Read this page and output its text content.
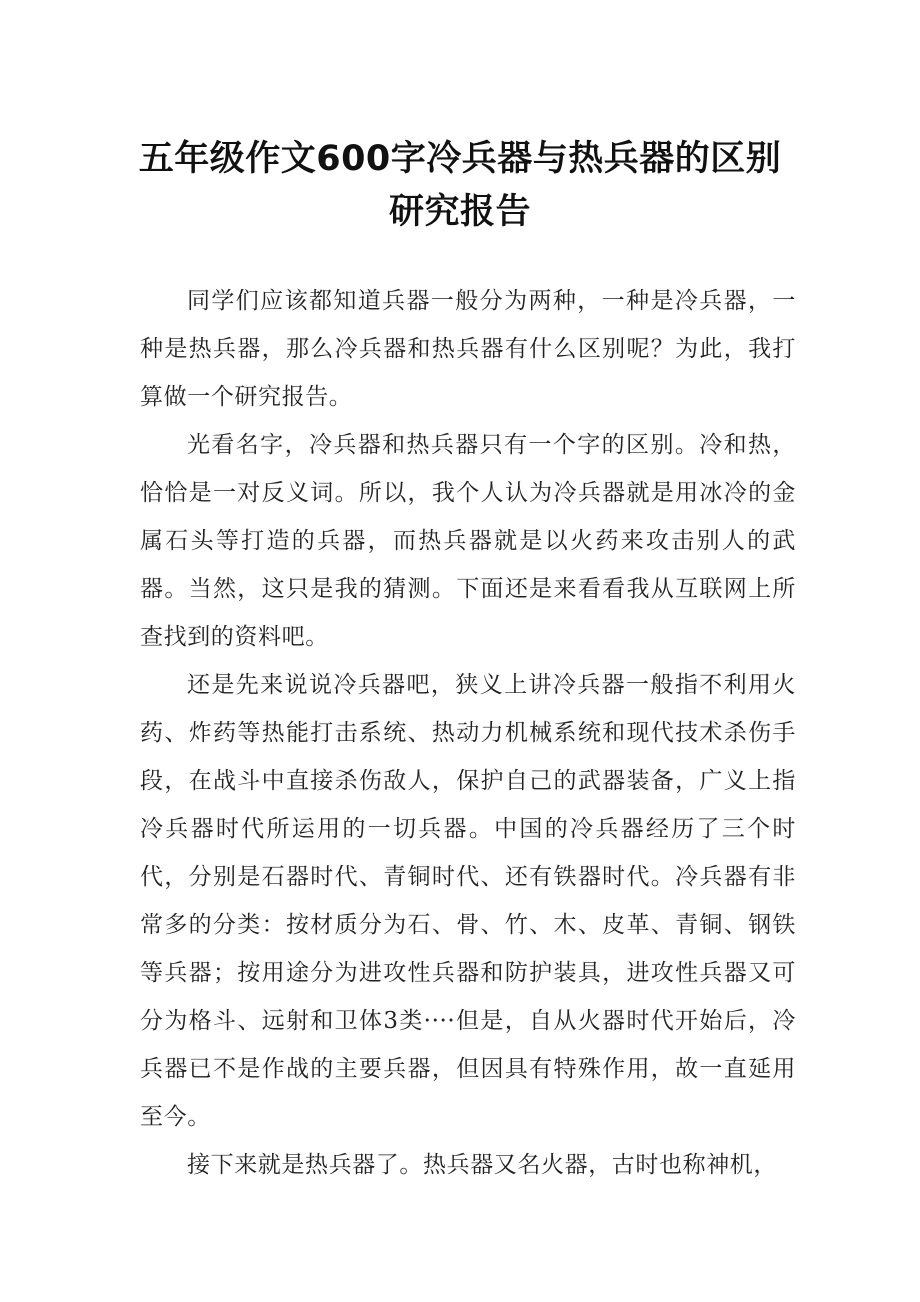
五年级作文600字冷兵器与热兵器的区别研究报告

同学们应该都知道兵器一般分为两种，一种是冷兵器，一种是热兵器，那么冷兵器和热兵器有什么区别呢？为此，我打算做一个研究报告。

光看名字，冷兵器和热兵器只有一个字的区别。冷和热，恰恰是一对反义词。所以，我个人认为冷兵器就是用冰冷的金属石头等打造的兵器，而热兵器就是以火药来攻击别人的武器。当然，这只是我的猜测。下面还是来看看我从互联网上所查找到的资料吧。

还是先来说说冷兵器吧，狭义上讲冷兵器一般指不利用火药、炸药等热能打击系统、热动力机械系统和现代技术杀伤手段，在战斗中直接杀伤敌人，保护自己的武器装备，广义上指冷兵器时代所运用的一切兵器。中国的冷兵器经历了三个时代，分别是石器时代、青铜时代、还有铁器时代。冷兵器有非常多的分类：按材质分为石、骨、竹、木、皮革、青铜、钢铁等兵器；按用途分为进攻性兵器和防护装具，进攻性兵器又可分为格斗、远射和卫体3类····但是，自从火器时代开始后，冷兵器已不是作战的主要兵器，但因具有特殊作用，故一直延用至今。

接下来就是热兵器了。热兵器又名火器，古时也称神机，
